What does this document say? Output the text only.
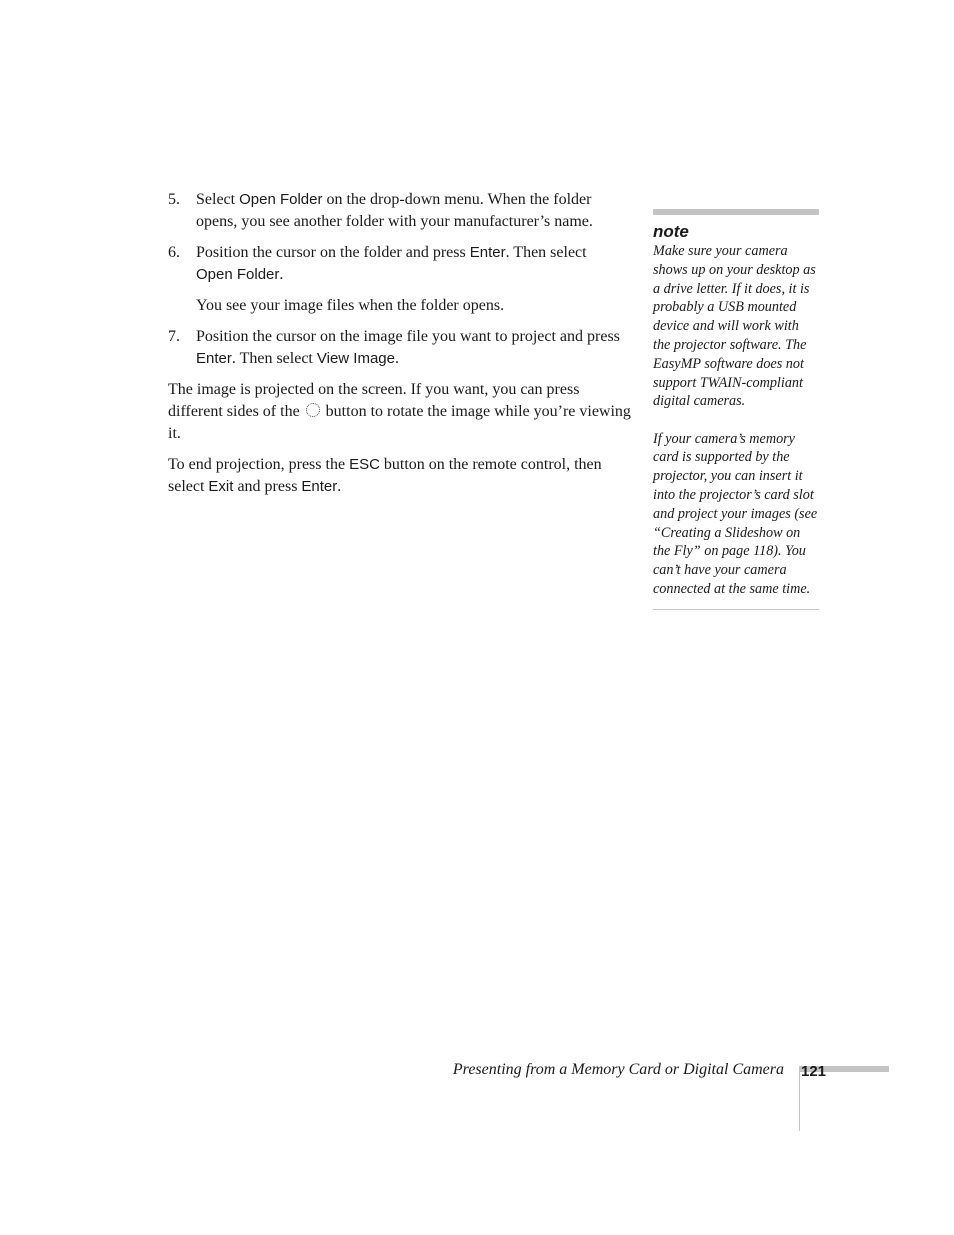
5. Select Open Folder on the drop-down menu. When the folder opens, you see another folder with your manufacturer’s name.
6. Position the cursor on the folder and press Enter. Then select
Open Folder.
You see your image files when the folder opens.
7. Position the cursor on the image file you want to project and press Enter. Then select View Image.
The image is projected on the screen. If you want, you can press different sides of the  button to rotate the image while you’re viewing it.
To end projection, press the ESC button on the remote control, then select Exit and press Enter.
note

Make sure your camera shows up on your desktop as a drive letter. If it does, it is probably a USB mounted device and will work with the projector software. The EasyMP software does not support TWAIN-compliant digital cameras.

If your camera’s memory card is supported by the projector, you can insert it into the projector’s card slot and project your images (see “Creating a Slideshow on the Fly” on page 118). You can’t have your camera connected at the same time.

Presenting from a Memory Card or Digital Camera 121
